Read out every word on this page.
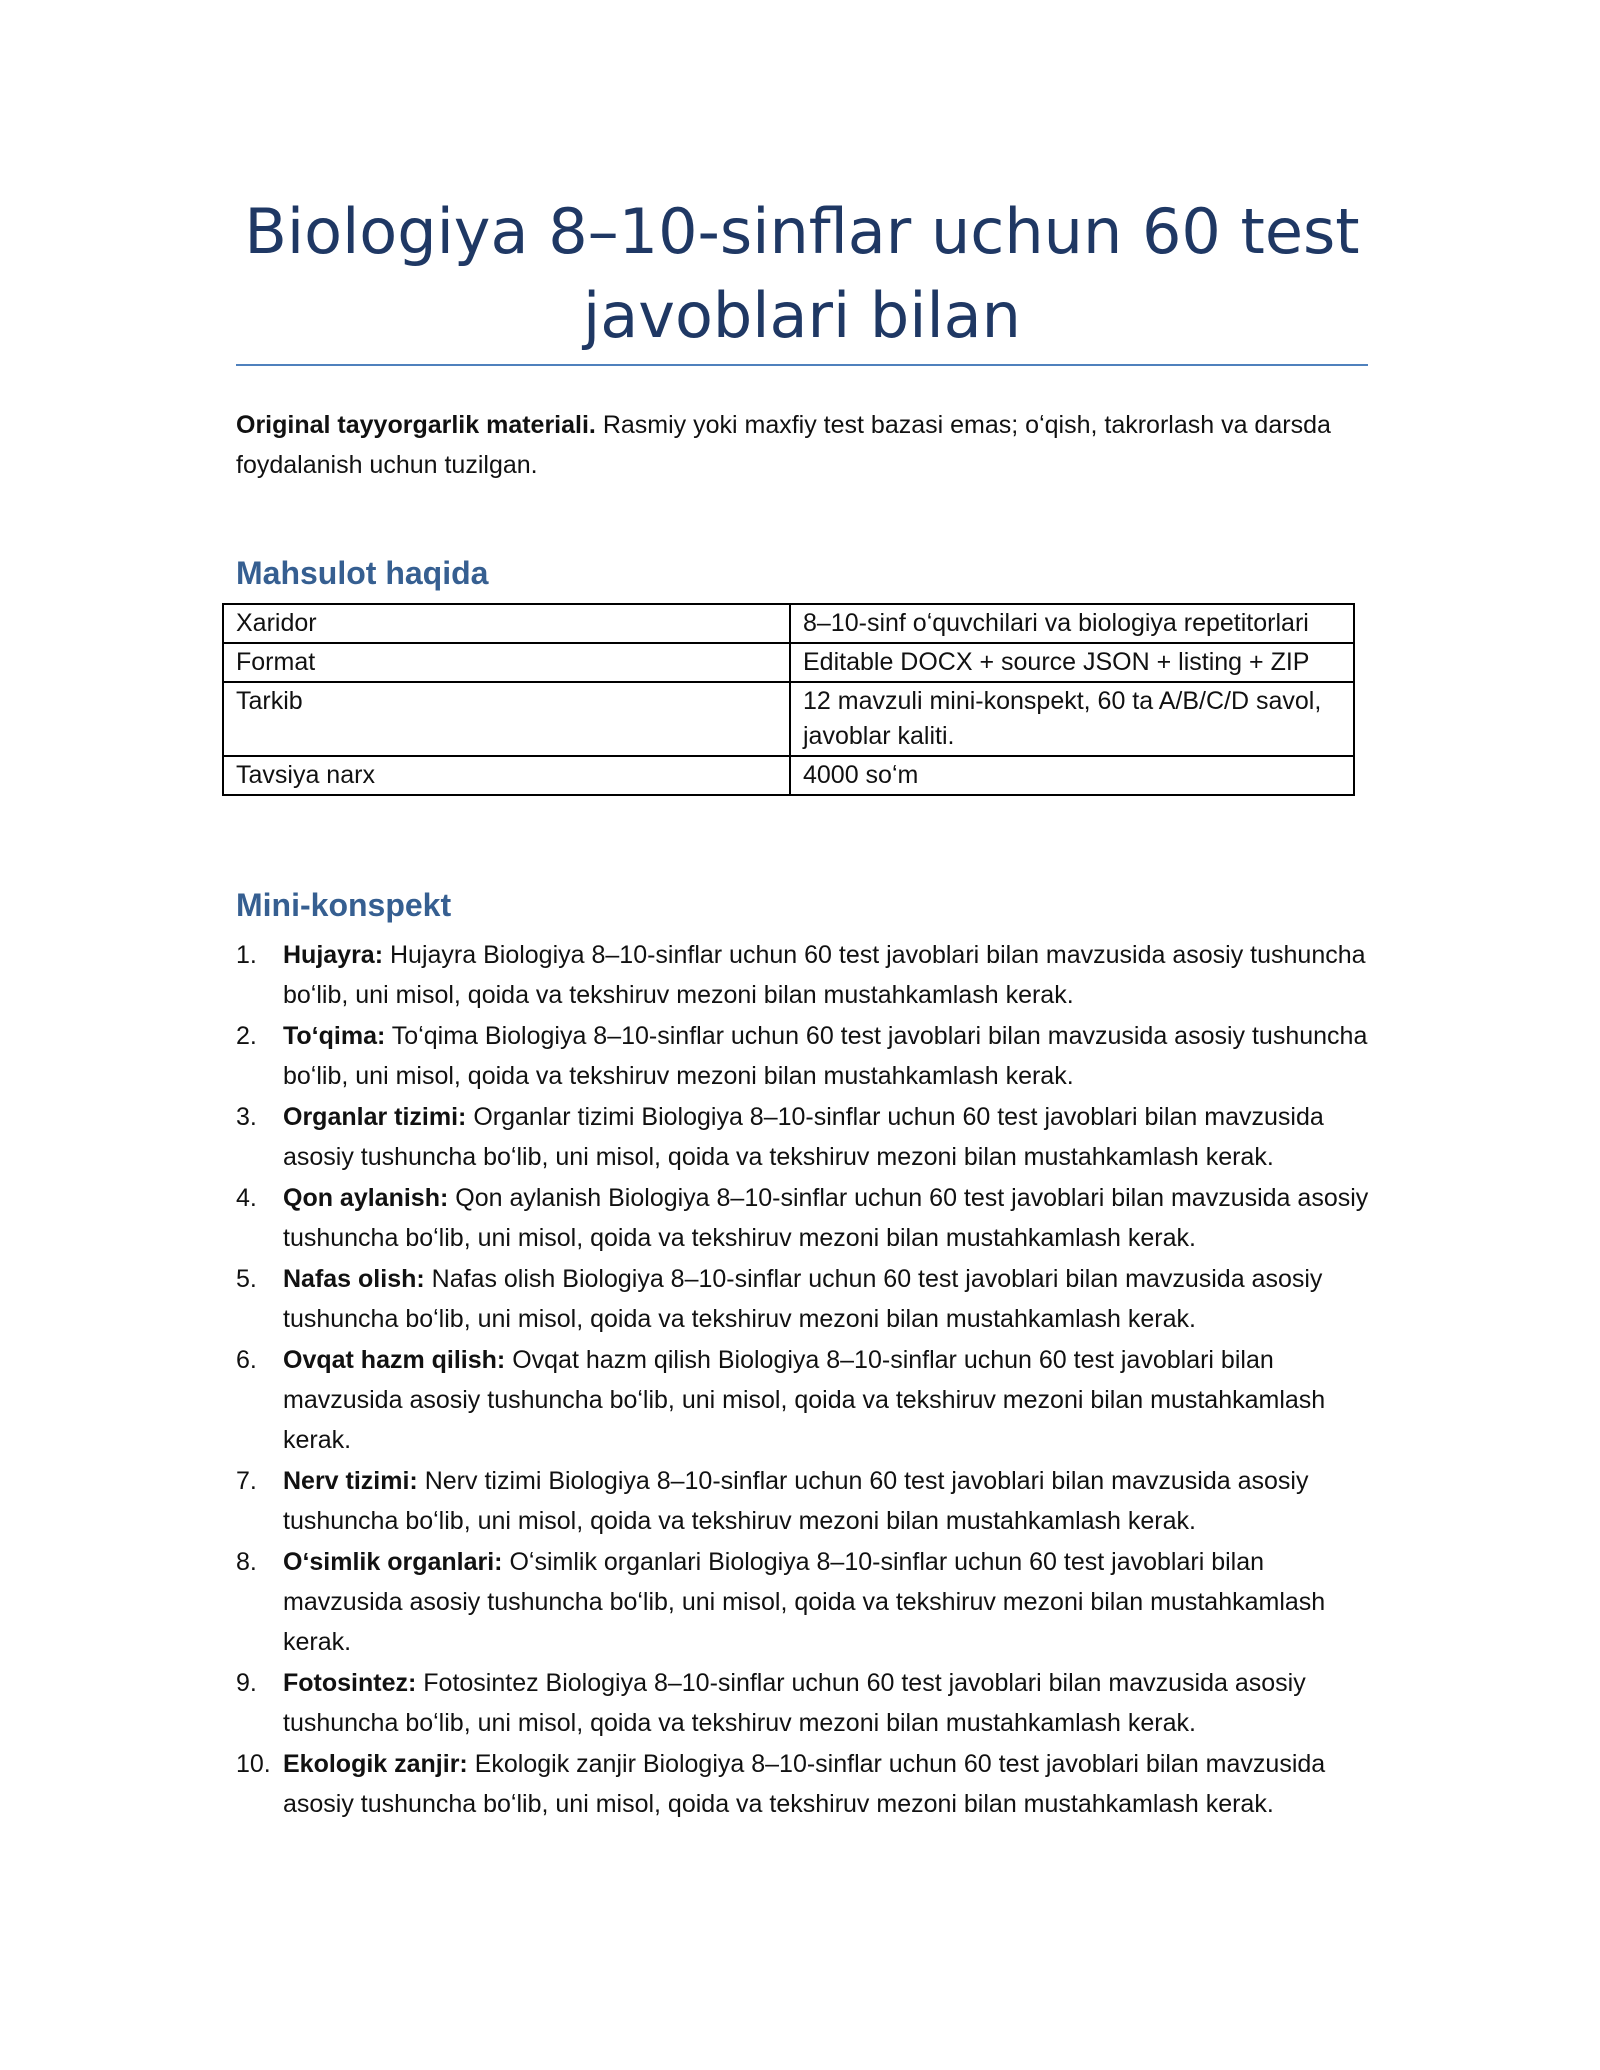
Biologiya 8–10-sinflar uchun 60 test javoblari bilan

Original tayyorgarlik materiali. Rasmiy yoki maxfiy test bazasi emas; oʻqish, takrorlash va darsda foydalanish uchun tuzilgan.

Mahsulot haqida
Xaridor	8–10-sinf oʻquvchilari va biologiya repetitorlari
Format	Editable DOCX + source JSON + listing + ZIP
Tarkib	12 mavzuli mini-konspekt, 60 ta A/B/C/D savol, javoblar kaliti.
Tavsiya narx	4000 soʻm
Mini-konspekt
1. Hujayra: Hujayra Biologiya 8–10-sinflar uchun 60 test javoblari bilan mavzusida asosiy tushuncha boʻlib, uni misol, qoida va tekshiruv mezoni bilan mustahkamlash kerak.
2. Toʻqima: Toʻqima Biologiya 8–10-sinflar uchun 60 test javoblari bilan mavzusida asosiy tushuncha boʻlib, uni misol, qoida va tekshiruv mezoni bilan mustahkamlash kerak.
3. Organlar tizimi: Organlar tizimi Biologiya 8–10-sinflar uchun 60 test javoblari bilan mavzusida asosiy tushuncha boʻlib, uni misol, qoida va tekshiruv mezoni bilan mustahkamlash kerak.
4. Qon aylanish: Qon aylanish Biologiya 8–10-sinflar uchun 60 test javoblari bilan mavzusida asosiy tushuncha boʻlib, uni misol, qoida va tekshiruv mezoni bilan mustahkamlash kerak.
5. Nafas olish: Nafas olish Biologiya 8–10-sinflar uchun 60 test javoblari bilan mavzusida asosiy tushuncha boʻlib, uni misol, qoida va tekshiruv mezoni bilan mustahkamlash kerak.
6. Ovqat hazm qilish: Ovqat hazm qilish Biologiya 8–10-sinflar uchun 60 test javoblari bilan mavzusida asosiy tushuncha boʻlib, uni misol, qoida va tekshiruv mezoni bilan mustahkamlash kerak.
7. Nerv tizimi: Nerv tizimi Biologiya 8–10-sinflar uchun 60 test javoblari bilan mavzusida asosiy tushuncha boʻlib, uni misol, qoida va tekshiruv mezoni bilan mustahkamlash kerak.
8. Oʻsimlik organlari: Oʻsimlik organlari Biologiya 8–10-sinflar uchun 60 test javoblari bilan mavzusida asosiy tushuncha boʻlib, uni misol, qoida va tekshiruv mezoni bilan mustahkamlash kerak.
9. Fotosintez: Fotosintez Biologiya 8–10-sinflar uchun 60 test javoblari bilan mavzusida asosiy tushuncha boʻlib, uni misol, qoida va tekshiruv mezoni bilan mustahkamlash kerak.
10. Ekologik zanjir: Ekologik zanjir Biologiya 8–10-sinflar uchun 60 test javoblari bilan mavzusida asosiy tushuncha boʻlib, uni misol, qoida va tekshiruv mezoni bilan mustahkamlash kerak.
